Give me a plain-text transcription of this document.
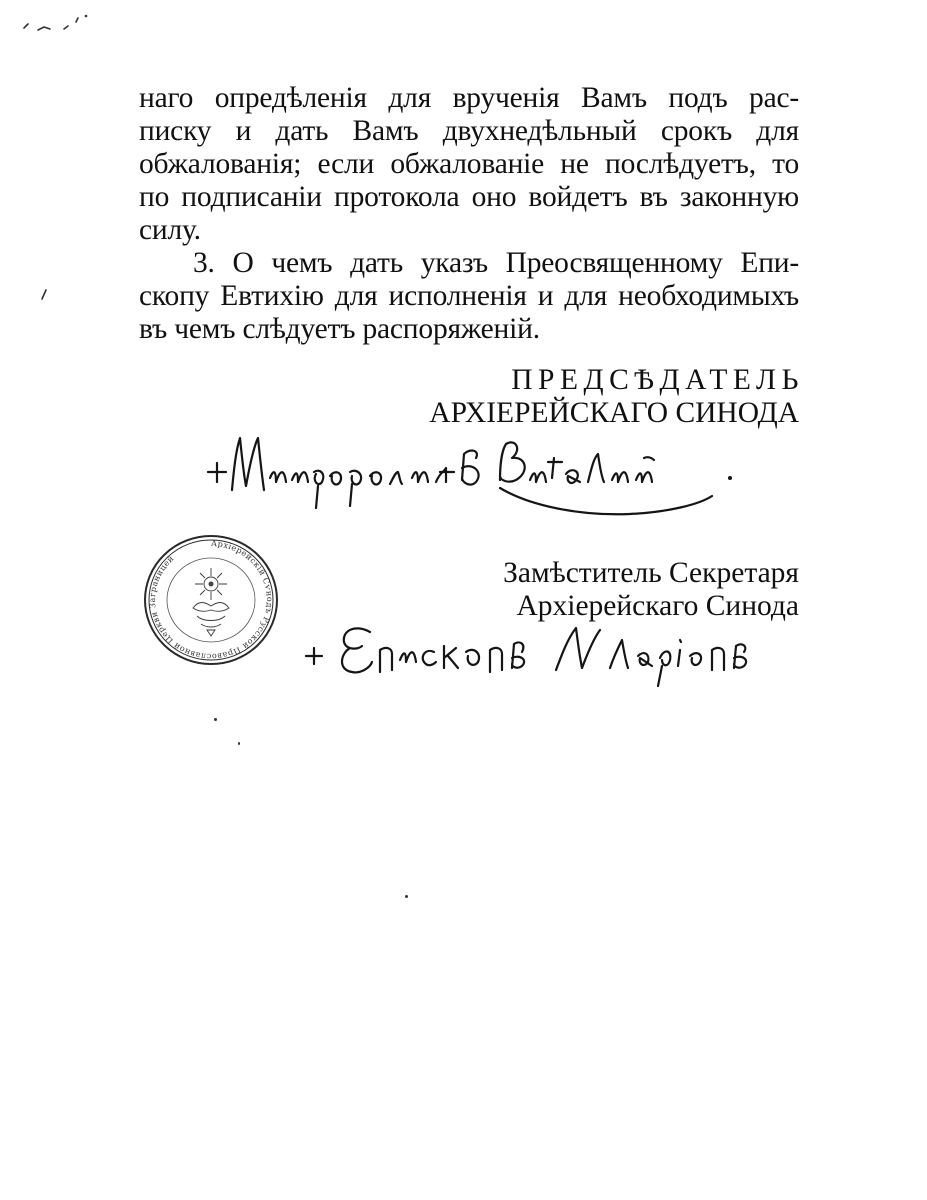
наго опредѣленія для врученія Вамъ подъ рас-
писку и дать Вамъ двухнедѣльный срокъ для
обжалованія; если обжалованіе не послѣдуетъ, то
по подписаніи протокола оно войдетъ въ законную
силу.
3. О чемъ дать указъ Преосвященному Епи-
скопу Евтихію для исполненія и для необходимыхъ
въ чемъ слѣдуетъ распоряженій.
ПРЕДСѢДАТЕЛЬ
АРХІЕРЕЙСКАГО СИНОДА
Архіерейскій Сѵнодъ Русской Православной Церкви Заграницей	Замѣститель Секретаря
Архіерейскаго Синода
